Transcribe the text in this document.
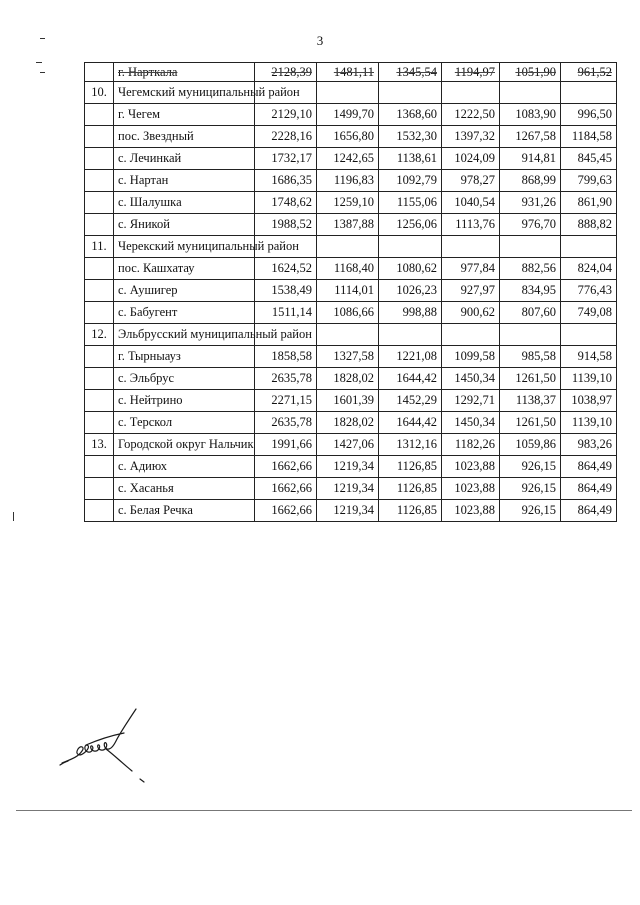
3
	г. Нарткала	2128,39	1481,11	1345,54	1194,97	1051,90	961,52
10.	Чегемский муниципальный район						
	г. Чегем	2129,10	1499,70	1368,60	1222,50	1083,90	996,50
	пос. Звездный	2228,16	1656,80	1532,30	1397,32	1267,58	1184,58
	с. Лечинкай	1732,17	1242,65	1138,61	1024,09	914,81	845,45
	с. Нартан	1686,35	1196,83	1092,79	978,27	868,99	799,63
	с. Шалушка	1748,62	1259,10	1155,06	1040,54	931,26	861,90
	с. Яникой	1988,52	1387,88	1256,06	1113,76	976,70	888,82
11.	Черекский муниципальный район						
	пос. Кашхатау	1624,52	1168,40	1080,62	977,84	882,56	824,04
	с. Аушигер	1538,49	1114,01	1026,23	927,97	834,95	776,43
	с. Бабугент	1511,14	1086,66	998,88	900,62	807,60	749,08
12.	Эльбрусский муниципальный район						
	г. Тырныауз	1858,58	1327,58	1221,08	1099,58	985,58	914,58
	с. Эльбрус	2635,78	1828,02	1644,42	1450,34	1261,50	1139,10
	с. Нейтрино	2271,15	1601,39	1452,29	1292,71	1138,37	1038,97
	с. Терскол	2635,78	1828,02	1644,42	1450,34	1261,50	1139,10
13.	Городской округ Нальчик	1991,66	1427,06	1312,16	1182,26	1059,86	983,26
	с. Адиюх	1662,66	1219,34	1126,85	1023,88	926,15	864,49
	с. Хасанья	1662,66	1219,34	1126,85	1023,88	926,15	864,49
	с. Белая Речка	1662,66	1219,34	1126,85	1023,88	926,15	864,49
